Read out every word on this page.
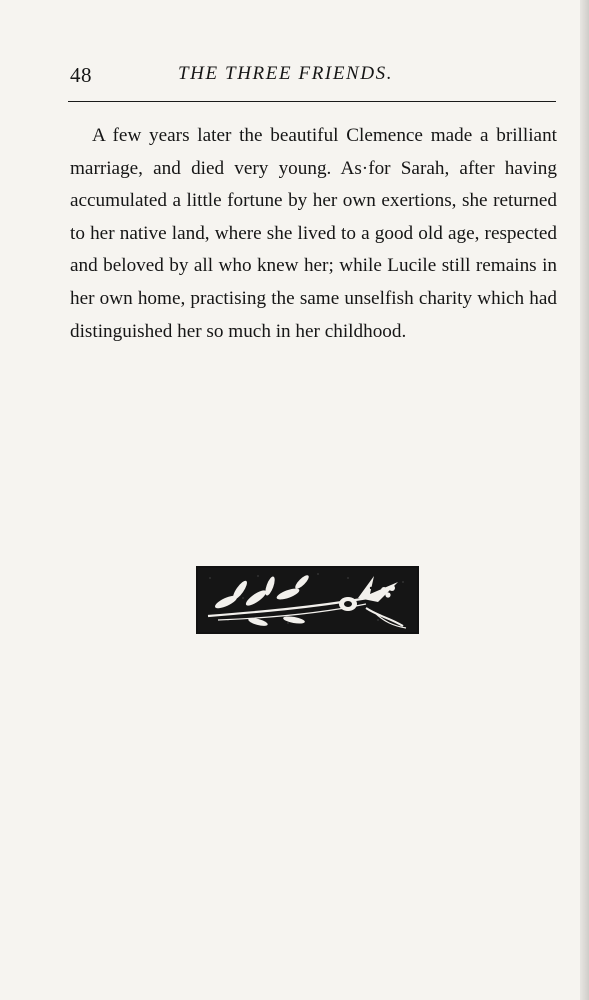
48	THE THREE FRIENDS.

A few years later the beautiful Clemence made a brilliant marriage, and died very young. As·for Sarah, after having accumulated a little fortune by her own exertions, she returned to her native land, where she lived to a good old age, respected and beloved by all who knew her; while Lucile still remains in her own home, practising the same unselfish charity which had distinguished her so much in her childhood.
